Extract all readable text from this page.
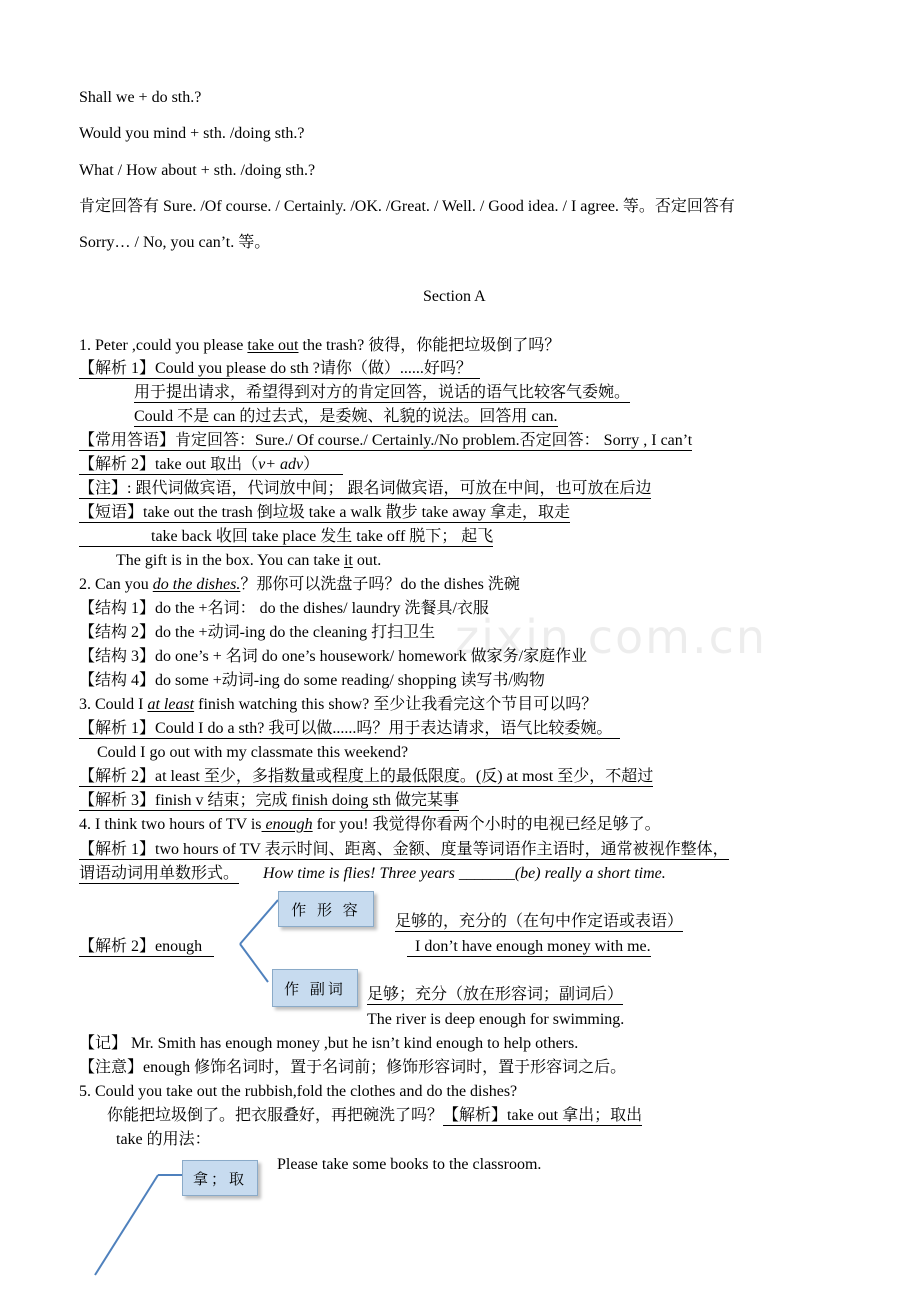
zixin.com.cn
Shall we + do sth.?
Would you mind + sth. /doing sth.?
What / How about + sth. /doing sth.?
肯定回答有 Sure. /Of course. / Certainly. /OK. /Great. / Well. / Good idea. / I agree. 等。否定回答有
Sorry… / No, you can’t. 等。
Section A
1. Peter ,could you please take out the trash? 彼得，你能把垃圾倒了吗？
【解析 1】Could you please do sth ?请你（做）......好吗？
用于提出请求，希望得到对方的肯定回答，说话的语气比较客气委婉。
Could 不是 can 的过去式，是委婉、礼貌的说法。回答用 can.
【常用答语】肯定回答：Sure./ Of course./ Certainly./No problem.否定回答： Sorry , I can’t
【解析 2】take out 取出（v+ adv）
【注】: 跟代词做宾语，代词放中间； 跟名词做宾语，可放在中间，也可放在后边
【短语】take out the trash 倒垃圾 take a walk 散步 take away 拿走，取走
take back 收回 take place 发生 take off 脱下； 起飞
The gift is in the box. You can take it out.
2. Can you do the dishes.？那你可以洗盘子吗？do the dishes 洗碗
【结构 1】do the +名词： do the dishes/ laundry 洗餐具/衣服
【结构 2】do the +动词-ing do the cleaning 打扫卫生
【结构 3】do one’s + 名词 do one’s housework/ homework 做家务/家庭作业
【结构 4】do some +动词-ing do some reading/ shopping 读写书/购物
3. Could I at least finish watching this show? 至少让我看完这个节目可以吗？
【解析 1】Could I do a sth? 我可以做......吗？用于表达请求，语气比较委婉。
Could I go out with my classmate this weekend?
【解析 2】at least 至少，多指数量或程度上的最低限度。(反) at most 至少，不超过
【解析 3】finish v 结束；完成 finish doing sth 做完某事
4. I think two hours of TV is enough for you! 我觉得你看两个小时的电视已经足够了。
【解析 1】two hours of TV 表示时间、距离、金额、度量等词语作主语时，通常被视作整体，
谓语动词用单数形式。 How time is flies! Three years _______(be) really a short time.
作 形 容
足够的，充分的（在句中作定语或表语）
【解析 2】enough	I don’t have enough money with me.
作 副词	足够；充分（放在形容词；副词后）
The river is deep enough for swimming.
【记】 Mr. Smith has enough money ,but he isn’t kind enough to help others.
【注意】enough 修饰名词时，置于名词前；修饰形容词时，置于形容词之后。
5. Could you take out the rubbish,fold the clothes and do the dishes?
你能把垃圾倒了。把衣服叠好，再把碗洗了吗？【解析】take out 拿出；取出
take 的用法：
拿；取
Please take some books to the classroom.
